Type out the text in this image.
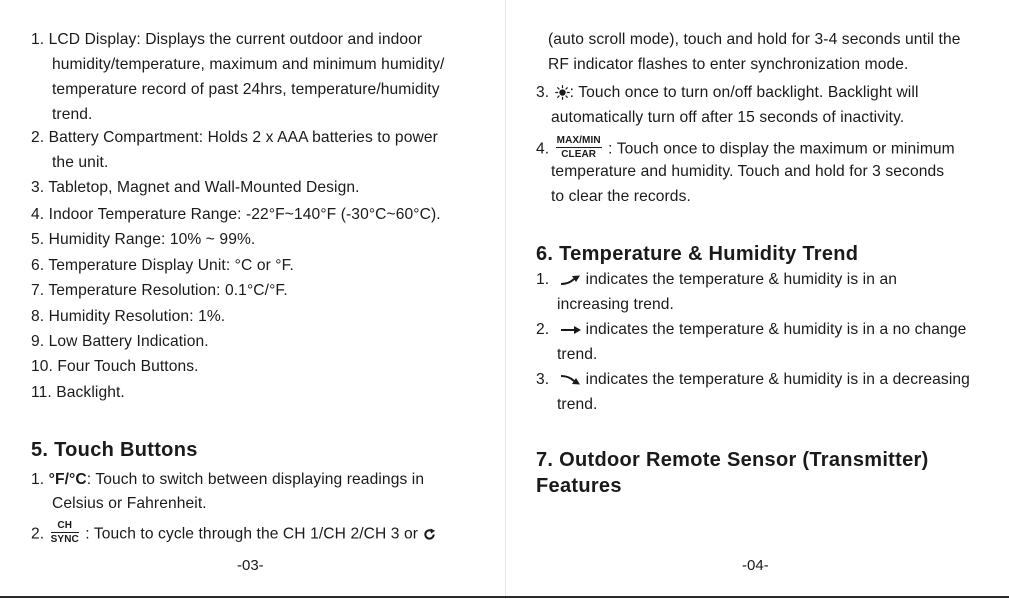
1. LCD Display: Displays the current outdoor and indoor
humidity/temperature, maximum and minimum humidity/
temperature record of past 24hrs, temperature/humidity
trend.
2. Battery Compartment: Holds 2 x AAA batteries to power
the unit.
3. Tabletop, Magnet and Wall-Mounted Design.
4. Indoor Temperature Range: -22°F~140°F (-30°C~60°C).
5. Humidity Range: 10% ~ 99%.
6. Temperature Display Unit: °C or °F.
7. Temperature Resolution: 0.1°C/°F.
8. Humidity Resolution: 1%.
9. Low Battery Indication.
10. Four Touch Buttons.
11. Backlight.
5. Touch Buttons
1. °F/°C: Touch to switch between displaying readings in
Celsius or Fahrenheit.
2. $\frac{CH}{\text{SYNC}}$ : Touch to cycle through the CH 1/CH 2/CH 3 or
-03-
(auto scroll mode), touch and hold for 3-4 seconds until the
RF indicator flashes to enter synchronization mode.
3. : Touch once to turn on/off backlight. Backlight will
automatically turn off after 15 seconds of inactivity.
4. $\frac{\text{MAX/MIN}}{\text{CLEAR}}$ : Touch once to display the maximum or minimum
temperature and humidity. Touch and hold for 3 seconds
to clear the records.
6. Temperature & Humidity Trend
1. indicates the temperature & humidity is in an
increasing trend.
2. indicates the temperature & humidity is in a no change
trend.
3. indicates the temperature & humidity is in a decreasing
trend.
7. Outdoor Remote Sensor (Transmitter)
Features
-04-
